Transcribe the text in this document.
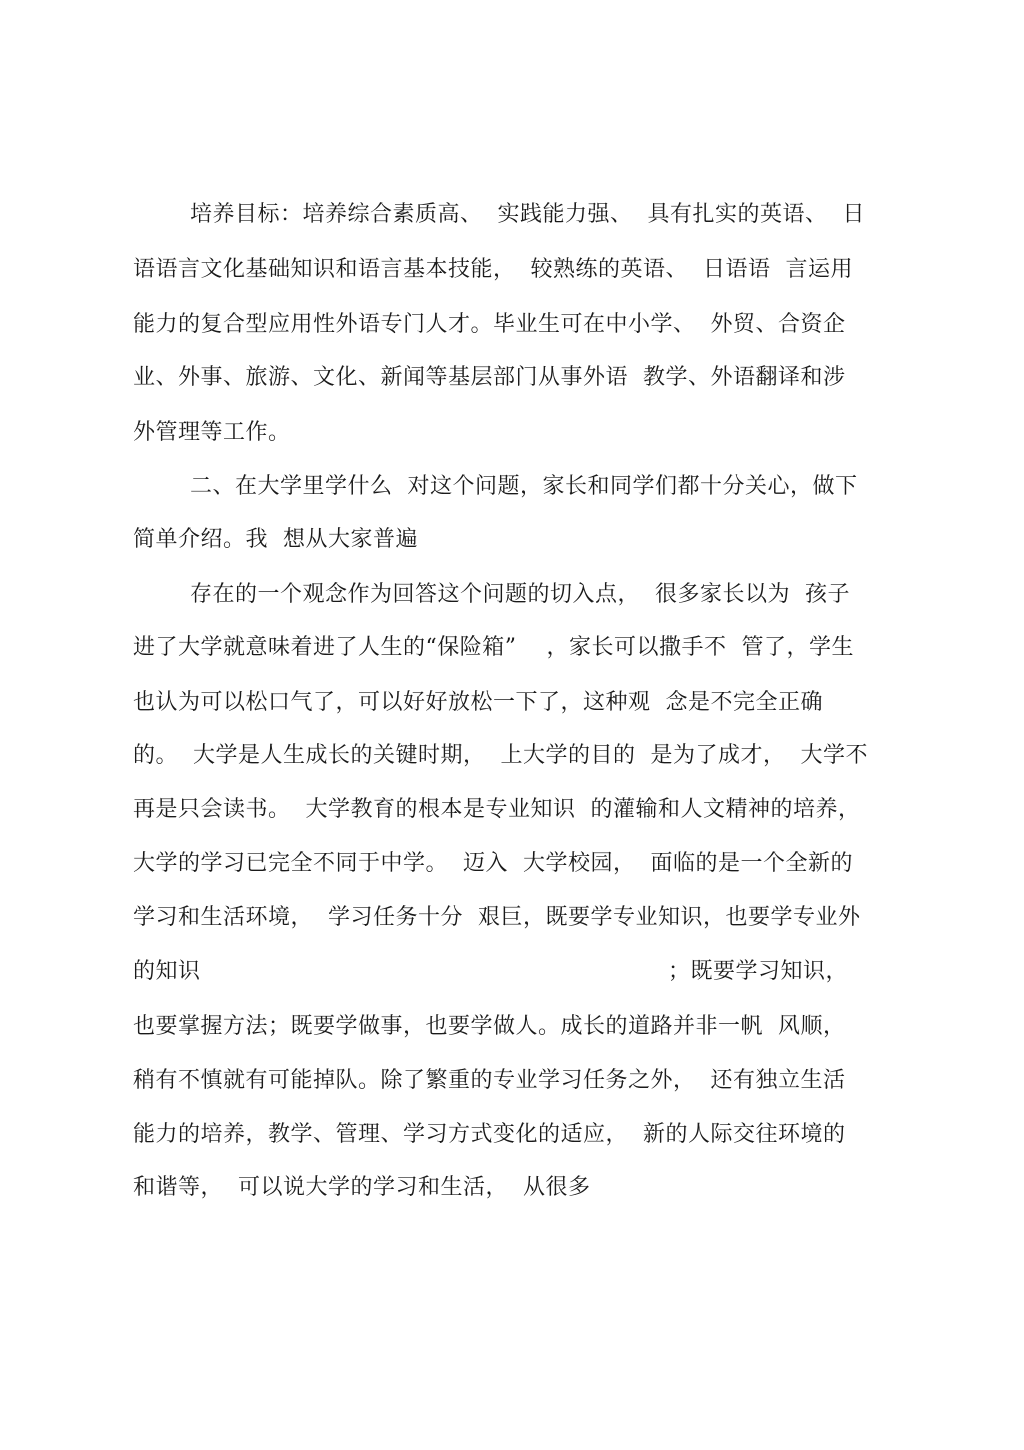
培养目标：培养综合素质高、  实践能力强、  具有扎实的英语、  日
语语言文化基础知识和语言基本技能，  较熟练的英语、  日语语  言运用
能力的复合型应用性外语专门人才。毕业生可在中小学、  外贸、合资企
业、外事、旅游、文化、新闻等基层部门从事外语  教学、外语翻译和涉
外管理等工作。
二、在大学里学什么  对这个问题，家长和同学们都十分关心，做下
简单介绍。我  想从大家普遍
存在的一个观念作为回答这个问题的切入点，  很多家长以为  孩子
进了大学就意味着进了人生的“保险箱”    ，家长可以撒手不  管了，学生
也认为可以松口气了，可以好好放松一下了，这种观  念是不完全正确
的。  大学是人生成长的关键时期，  上大学的目的  是为了成才，  大学不
再是只会读书。  大学教育的根本是专业知识  的灌输和人文精神的培养，
大学的学习已完全不同于中学。  迈入  大学校园，  面临的是一个全新的
学习和生活环境，  学习任务十分  艰巨，既要学专业知识，也要学专业外
的知识	；既要学习知识，
也要掌握方法；既要学做事，也要学做人。成长的道路并非一帆  风顺，
稍有不慎就有可能掉队。除了繁重的专业学习任务之外，  还有独立生活
能力的培养，教学、管理、学习方式变化的适应，  新的人际交往环境的
和谐等，  可以说大学的学习和生活，  从很多
